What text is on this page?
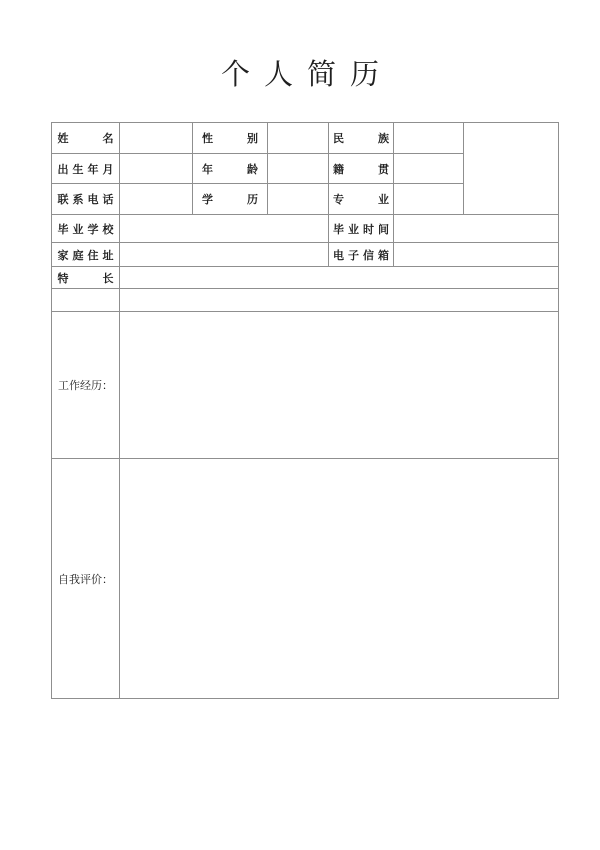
个人简历
姓名		性别		民族		
出生年月		年龄		籍贯		
联系电话		学历		专业		
毕业学校				毕业时间		
家庭住址				电子信箱		
特长						

工作经历：						
自我评价：						
